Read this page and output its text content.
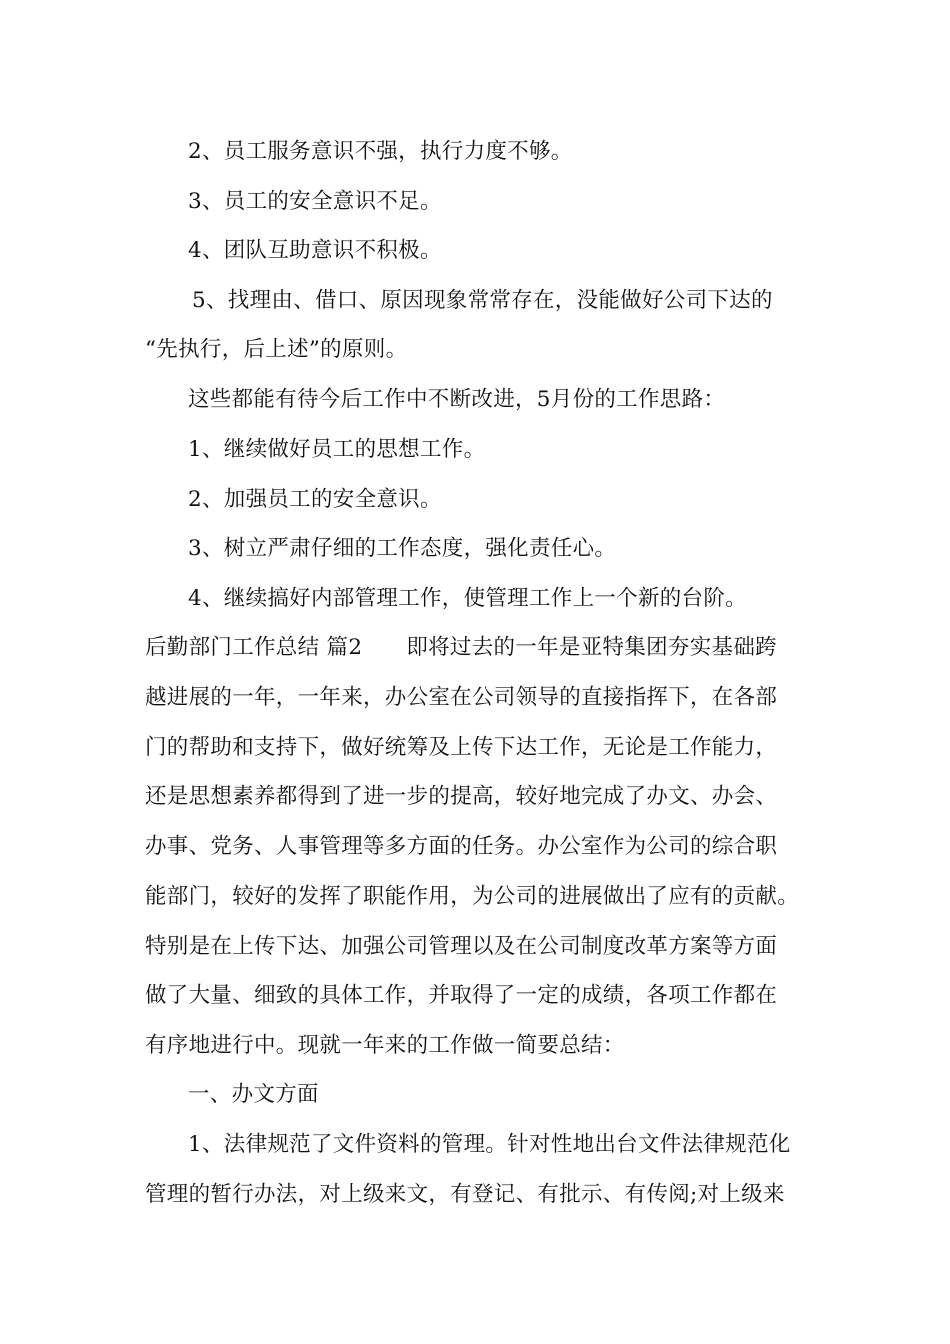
2、员工服务意识不强，执行力度不够。
3、员工的安全意识不足。
4、团队互助意识不积极。
5、找理由、借口、原因现象常常存在，没能做好公司下达的
“先执行，后上述”的原则。
这些都能有待今后工作中不断改进，5月份的工作思路：
1、继续做好员工的思想工作。
2、加强员工的安全意识。
3、树立严肃仔细的工作态度，强化责任心。
4、继续搞好内部管理工作，使管理工作上一个新的台阶。
后勤部门工作总结 篇2 即将过去的一年是亚特集团夯实基础跨
越进展的一年，一年来，办公室在公司领导的直接指挥下，在各部
门的帮助和支持下，做好统筹及上传下达工作，无论是工作能力，
还是思想素养都得到了进一步的提高，较好地完成了办文、办会、
办事、党务、人事管理等多方面的任务。办公室作为公司的综合职
能部门，较好的发挥了职能作用，为公司的进展做出了应有的贡献。
特别是在上传下达、加强公司管理以及在公司制度改革方案等方面
做了大量、细致的具体工作，并取得了一定的成绩，各项工作都在
有序地进行中。现就一年来的工作做一简要总结：
一、办文方面
1、法律规范了文件资料的管理。针对性地出台文件法律规范化
管理的暂行办法，对上级来文，有登记、有批示、有传阅;对上级来
